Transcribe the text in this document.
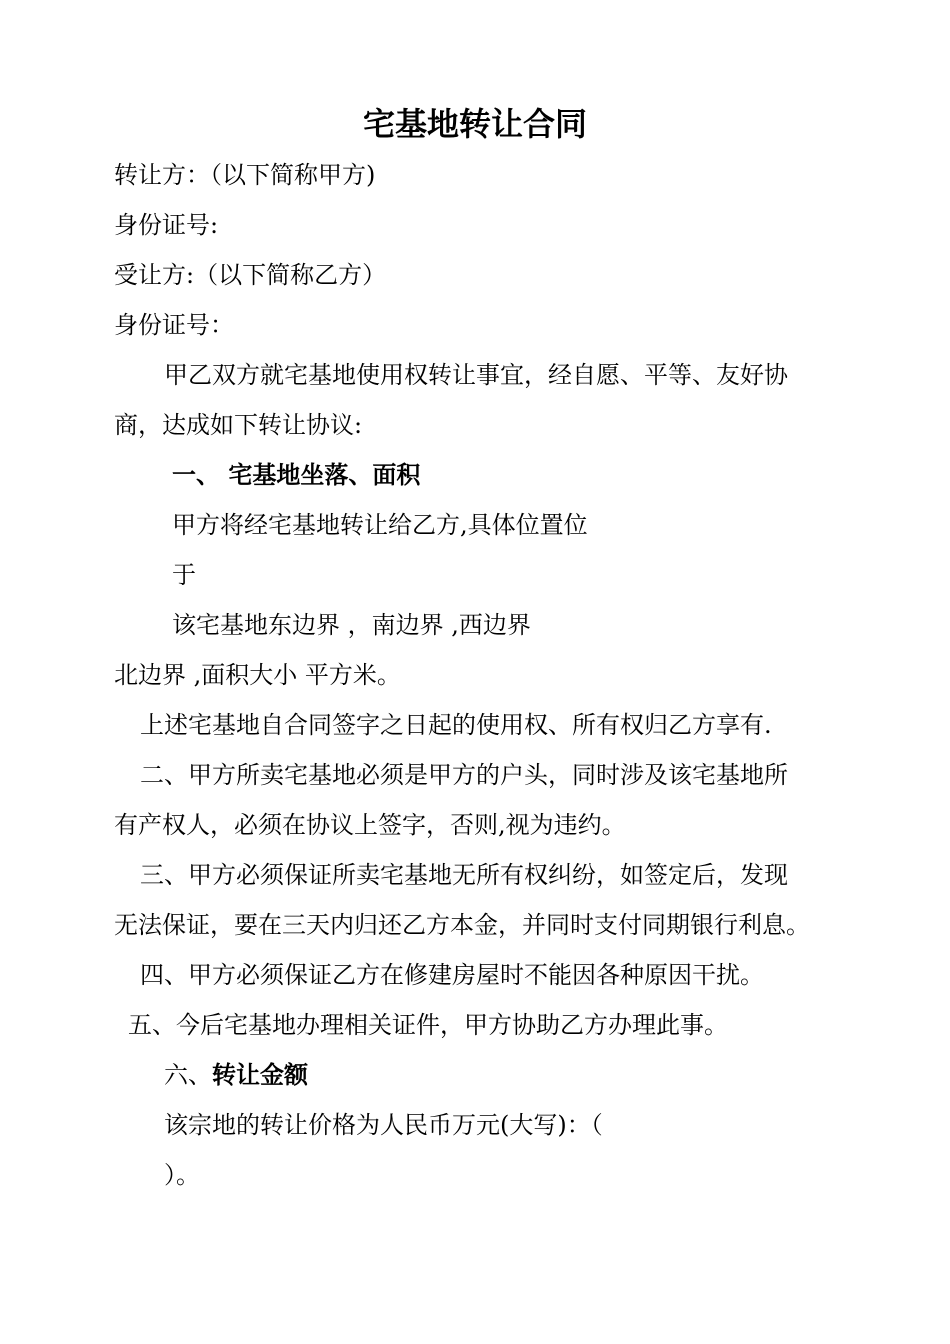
宅基地转让合同
转让方：（以下简称甲方)
身份证号:
受让方:（以下简称乙方）
身份证号：
甲乙双方就宅基地使用权转让事宜，经自愿、平等、友好协
商，达成如下转让协议:
一、 宅基地坐落、面积
甲方将经宅基地转让给乙方,具体位置位
于
该宅基地东边界 ，南边界 ,西边界
北边界 ,面积大小 平方米。
上述宅基地自合同签字之日起的使用权、所有权归乙方享有.
二、甲方所卖宅基地必须是甲方的户头，同时涉及该宅基地所
有产权人，必须在协议上签字，否则,视为违约。
三、甲方必须保证所卖宅基地无所有权纠纷，如签定后，发现
无法保证，要在三天内归还乙方本金，并同时支付同期银行利息。
四、甲方必须保证乙方在修建房屋时不能因各种原因干扰。
五、今后宅基地办理相关证件，甲方协助乙方办理此事。
六、转让金额
该宗地的转让价格为人民币万元(大写)：（
）。
